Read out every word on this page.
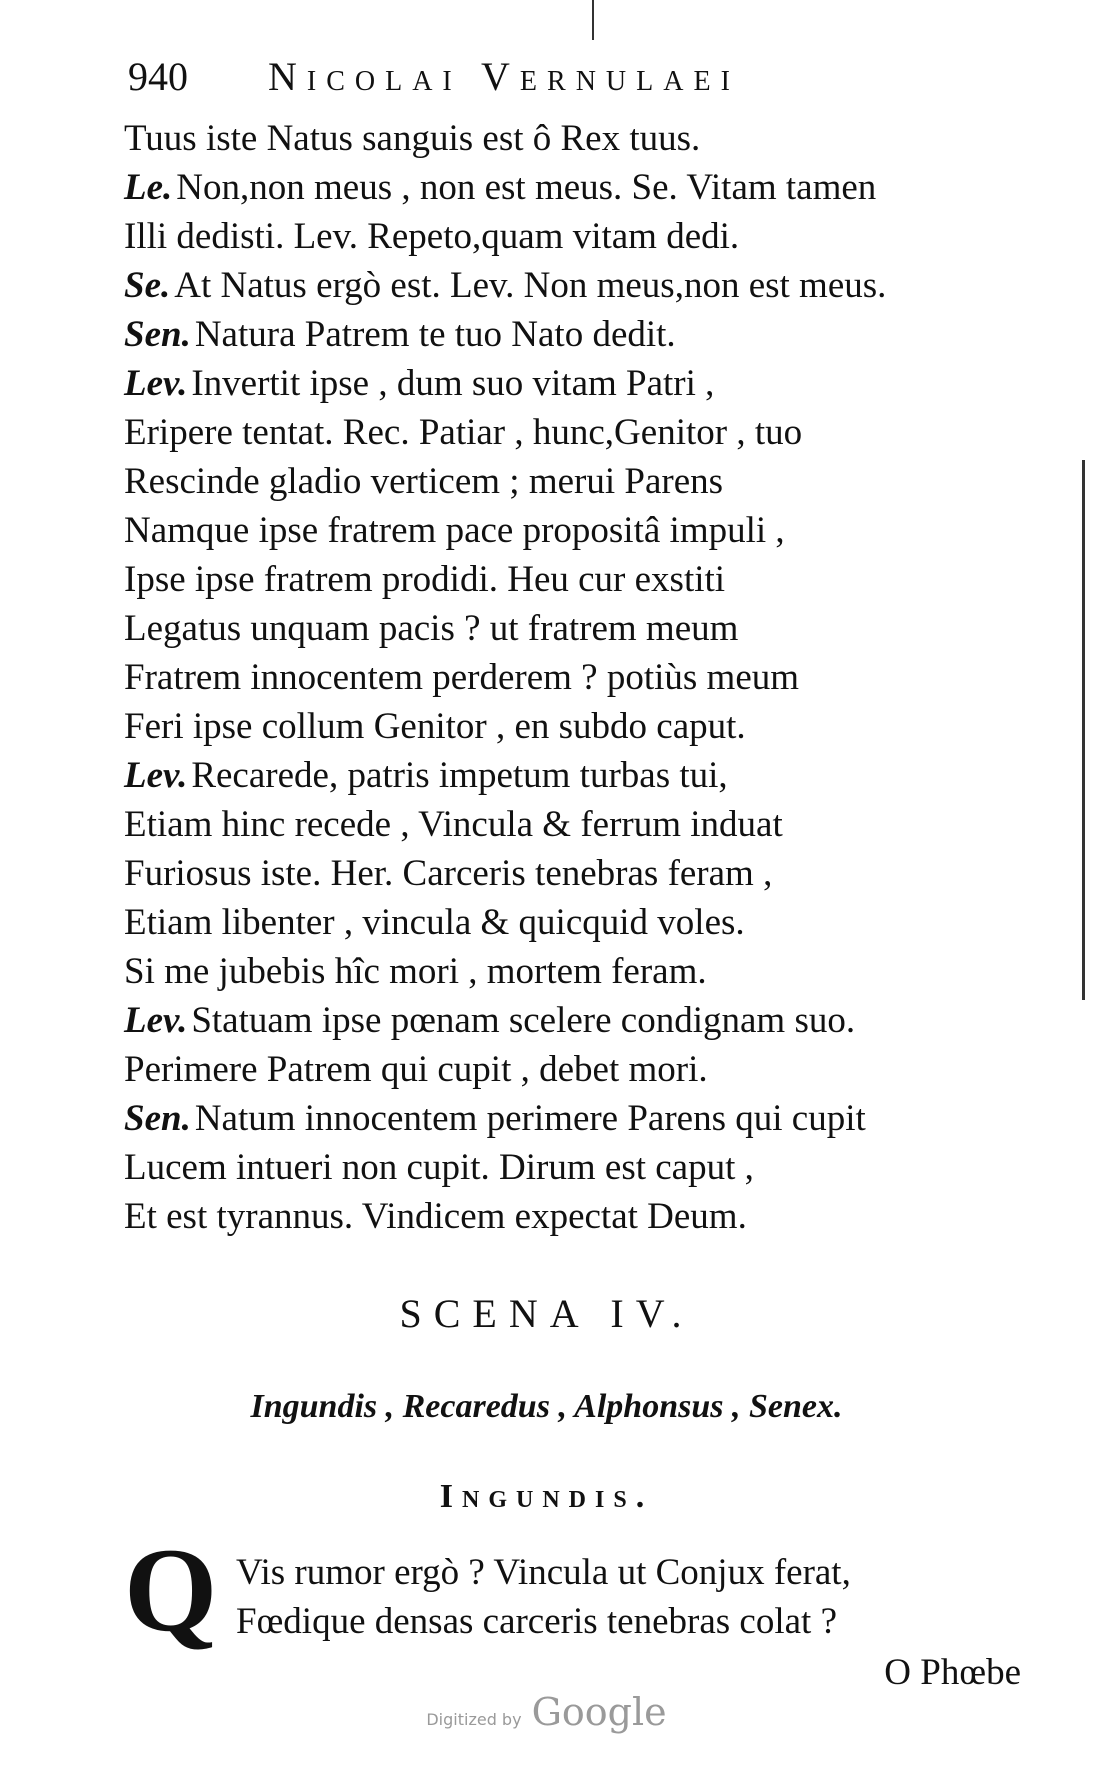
940 Nicolai Vernulaei
Tuus iste Natus sanguis est ô Rex tuus.
Le. Non,non meus , non est meus. Se. Vitam tamen
Illi dedisti. Lev. Repeto,quam vitam dedi.
Se. At Natus ergò est. Lev. Non meus,non est meus.
Sen. Natura Patrem te tuo Nato dedit.
Lev. Invertit ipse , dum suo vitam Patri ,
Eripere tentat. Rec. Patiar , hunc,Genitor , tuo
Rescinde gladio verticem ; merui Parens
Namque ipse fratrem pace propositâ impuli ,
Ipse ipse fratrem prodidi. Heu cur exstiti
Legatus unquam pacis ? ut fratrem meum
Fratrem innocentem perderem ? potiùs meum
Feri ipse collum Genitor , en subdo caput.
Lev. Recarede, patris impetum turbas tui,
Etiam hinc recede , Vincula & ferrum induat
Furiosus iste. Her. Carceris tenebras feram ,
Etiam libenter , vincula & quicquid voles.
Si me jubebis hîc mori , mortem feram.
Lev. Statuam ipse pœnam scelere condignam suo.
Perimere Patrem qui cupit , debet mori.
Sen. Natum innocentem perimere Parens qui cupit
Lucem intueri non cupit. Dirum est caput ,
Et est tyrannus. Vindicem expectat Deum.
SCENA IV.
Ingundis , Recaredus , Alphonsus , Senex.
Ingundis.
Q Vis rumor ergò ? Vincula ut Conjux ferat,
Fœdique densas carceris tenebras colat ?
O Phœbe
Digitized by Google
